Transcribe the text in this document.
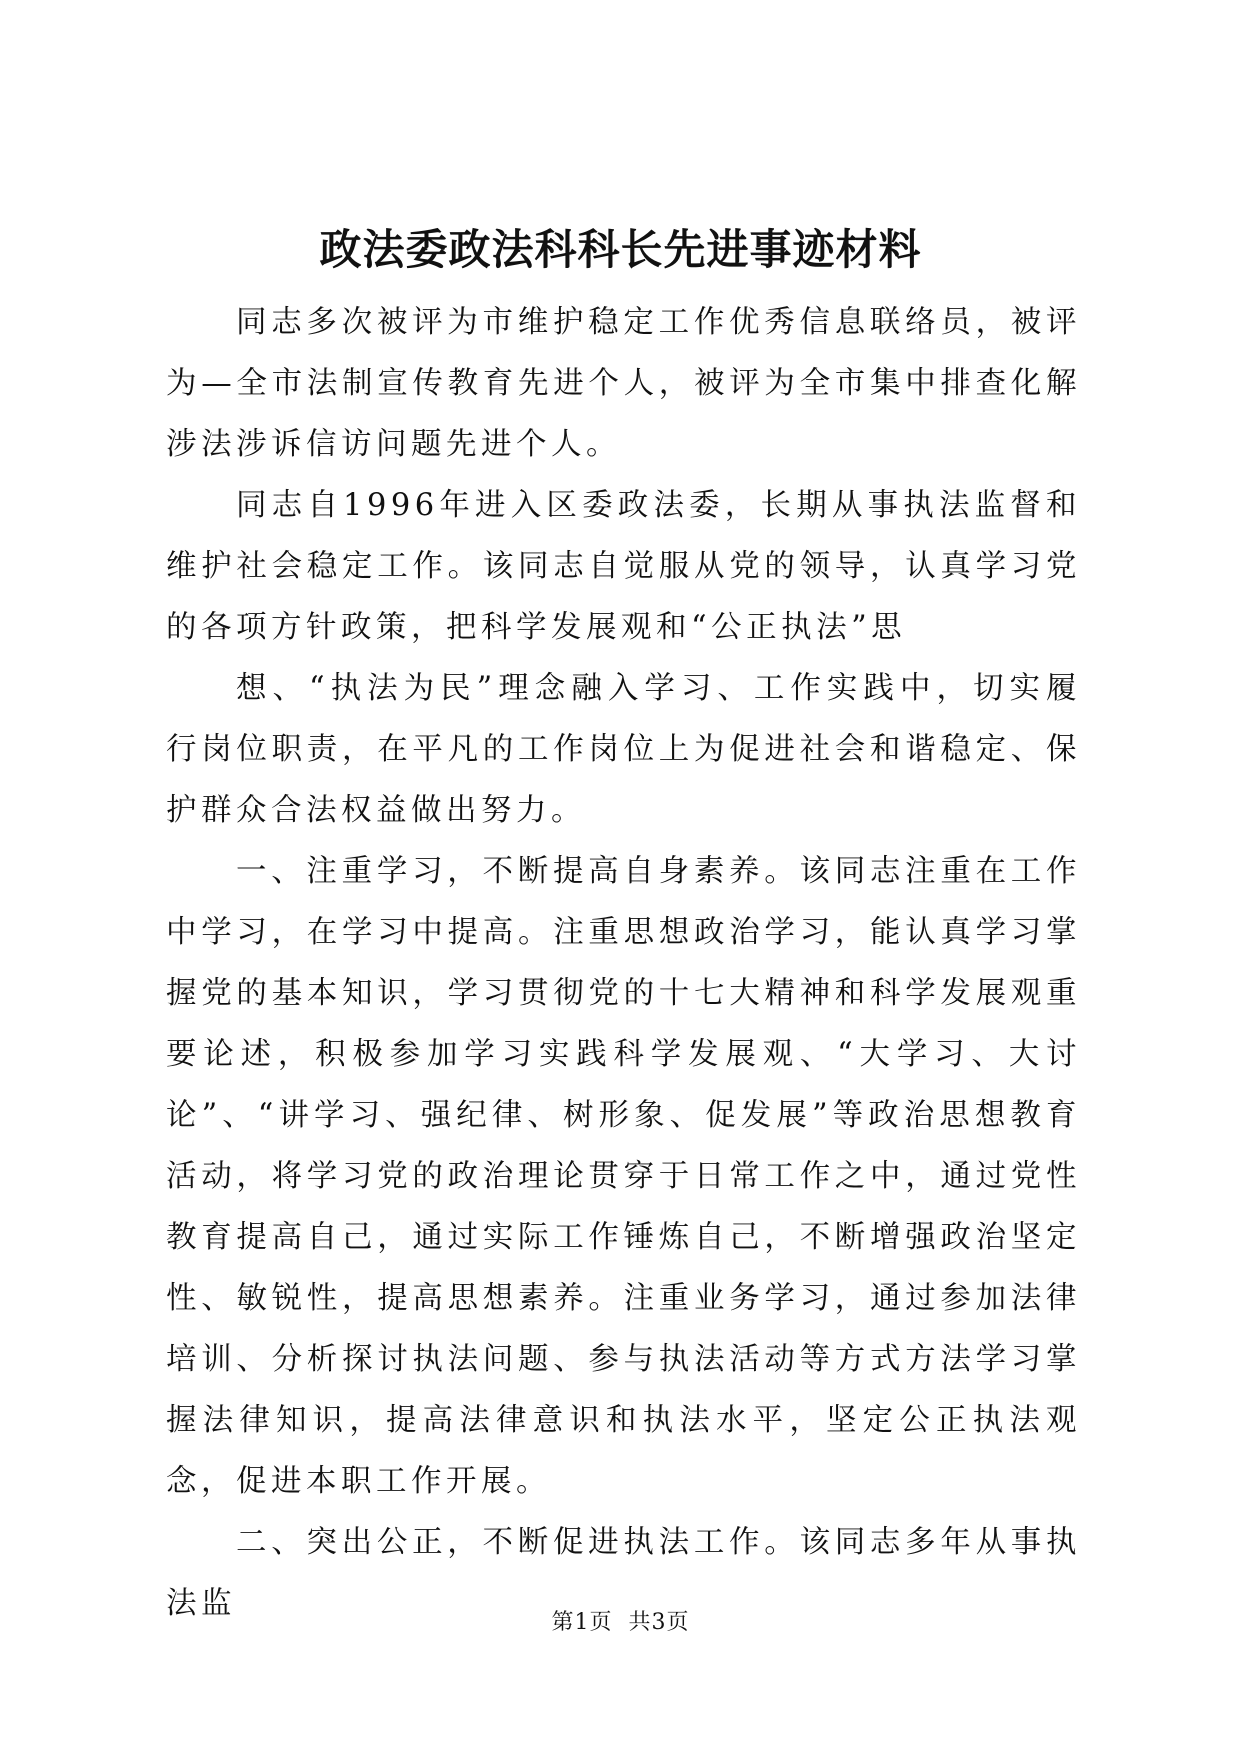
政法委政法科科长先进事迹材料

同志多次被评为市维护稳定工作优秀信息联络员，被评为—全市法制宣传教育先进个人，被评为全市集中排查化解涉法涉诉信访问题先进个人。

同志自1996年进入区委政法委，长期从事执法监督和维护社会稳定工作。该同志自觉服从党的领导，认真学习党的各项方针政策，把科学发展观和“公正执法”思

想、“执法为民”理念融入学习、工作实践中，切实履行岗位职责，在平凡的工作岗位上为促进社会和谐稳定、保护群众合法权益做出努力。

一、注重学习，不断提高自身素养。该同志注重在工作中学习，在学习中提高。注重思想政治学习，能认真学习掌握党的基本知识，学习贯彻党的十七大精神和科学发展观重要论述，积极参加学习实践科学发展观、“大学习、大讨论”、“讲学习、强纪律、树形象、促发展”等政治思想教育活动，将学习党的政治理论贯穿于日常工作之中，通过党性教育提高自己，通过实际工作锤炼自己，不断增强政治坚定性、敏锐性，提高思想素养。注重业务学习，通过参加法律培训、分析探讨执法问题、参与执法活动等方式方法学习掌握法律知识，提高法律意识和执法水平，坚定公正执法观念，促进本职工作开展。

二、突出公正，不断促进执法工作。该同志多年从事执法监

第1页  共3页
